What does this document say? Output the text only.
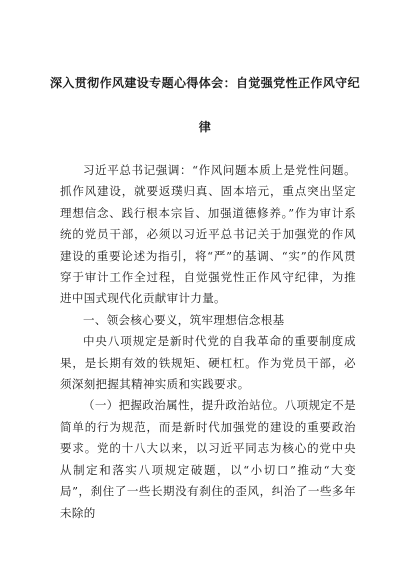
深入贯彻作风建设专题心得体会：自觉强党性正作风守纪
律

习近平总书记强调：“作风问题本质上是党性问题。抓作风建设，就要返璞归真、固本培元，重点突出坚定理想信念、践行根本宗旨、加强道德修养。”作为审计系统的党员干部，必须以习近平总书记关于加强党的作风建设的重要论述为指引，将“严”的基调、“实”的作风贯穿于审计工作全过程，自觉强党性正作风守纪律，为推进中国式现代化贡献审计力量。

一、领会核心要义，筑牢理想信念根基

中央八项规定是新时代党的自我革命的重要制度成果，是长期有效的铁规矩、硬杠杠。作为党员干部，必须深刻把握其精神实质和实践要求。

（一）把握政治属性，提升政治站位。八项规定不是简单的行为规范，而是新时代加强党的建设的重要政治要求。党的十八大以来，以习近平同志为核心的党中央从制定和落实八项规定破题，以“小切口”推动“大变局”，刹住了一些长期没有刹住的歪风，纠治了一些多年未除的
